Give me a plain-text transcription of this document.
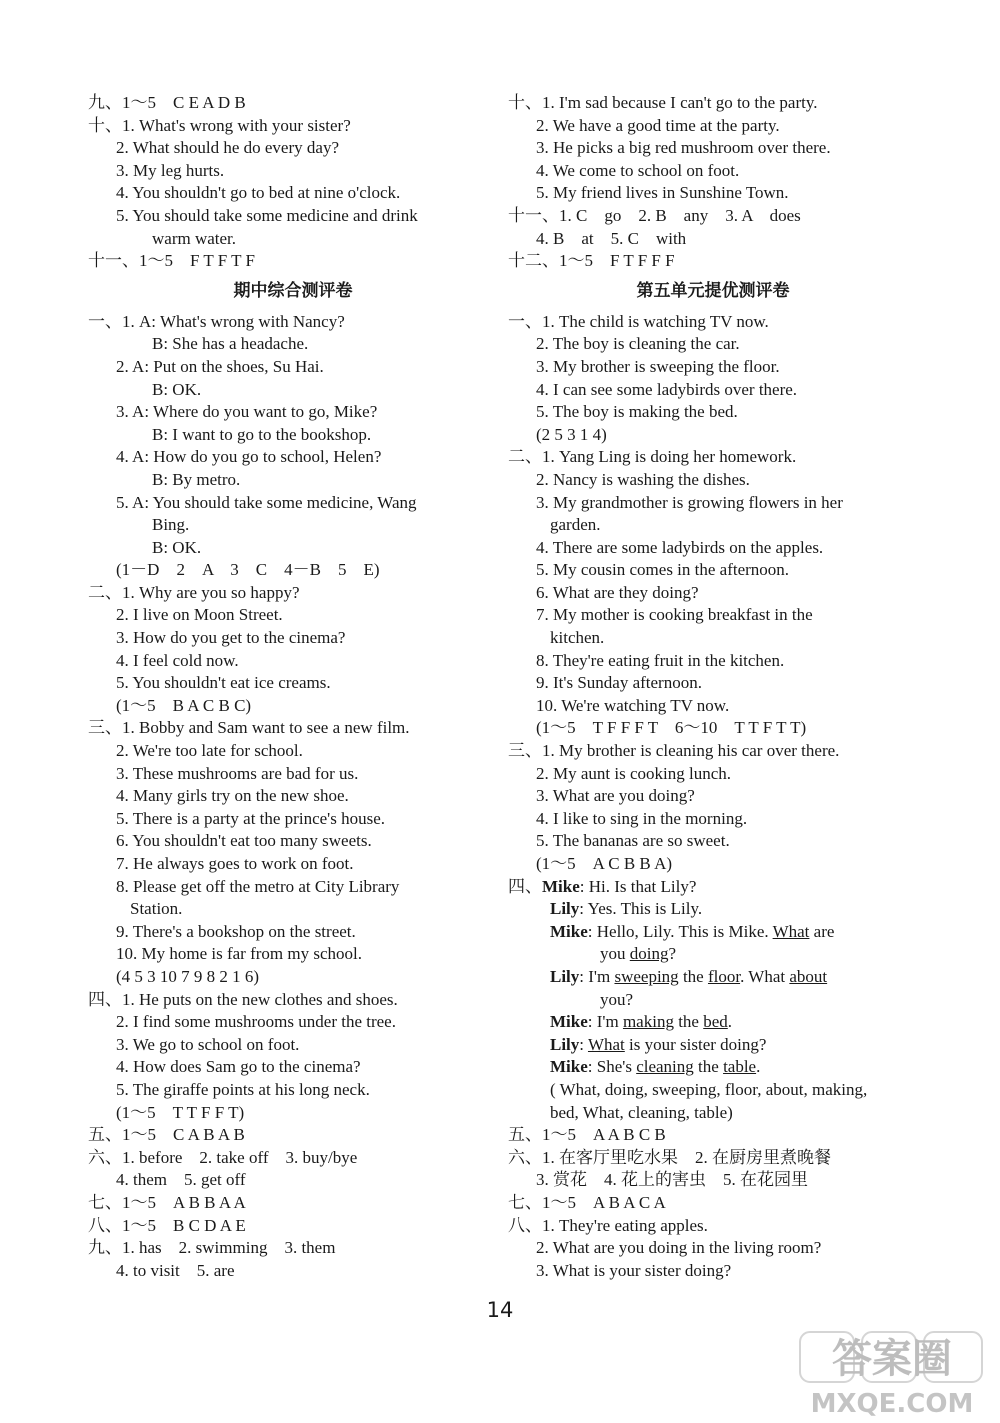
九、1～5　C E A D B
十、1. What's wrong with your sister?
2. What should he do every day?
3. My leg hurts.
4. You shouldn't go to bed at nine o'clock.
5. You should take some medicine and drink
warm water.
十一、1～5　F T F T F
期中综合测评卷
一、1. A: What's wrong with Nancy?
B: She has a headache.
2. A: Put on the shoes, Su Hai.
B: OK.
3. A: Where do you want to go, Mike?
B: I want to go to the bookshop.
4. A: How do you go to school, Helen?
B: By metro.
5. A: You should take some medicine, Wang
Bing.
B: OK.
(1－D　2　A　3　C　4－B　5　E)
二、1. Why are you so happy?
2. I live on Moon Street.
3. How do you get to the cinema?
4. I feel cold now.
5. You shouldn't eat ice creams.
(1～5　B A C B C)
三、1. Bobby and Sam want to see a new film.
2. We're too late for school.
3. These mushrooms are bad for us.
4. Many girls try on the new shoe.
5. There is a party at the prince's house.
6. You shouldn't eat too many sweets.
7. He always goes to work on foot.
8. Please get off the metro at City Library
Station.
9. There's a bookshop on the street.
10. My home is far from my school.
(4 5 3 10 7 9 8 2 1 6)
四、1. He puts on the new clothes and shoes.
2. I find some mushrooms under the tree.
3. We go to school on foot.
4. How does Sam go to the cinema?
5. The giraffe points at his long neck.
(1～5　T T F F T)
五、1～5　C A B A B
六、1. before　2. take off　3. buy/bye
4. them　5. get off
七、1～5　A B B A A
八、1～5　B C D A E
九、1. has　2. swimming　3. them
4. to visit　5. are
十、1. I'm sad because I can't go to the party.
2. We have a good time at the party.
3. He picks a big red mushroom over there.
4. We come to school on foot.
5. My friend lives in Sunshine Town.
十一、1. C　go　2. B　any　3. A　does
4. B　at　5. C　with
十二、1～5　F T F F F
第五单元提优测评卷
一、1. The child is watching TV now.
2. The boy is cleaning the car.
3. My brother is sweeping the floor.
4. I can see some ladybirds over there.
5. The boy is making the bed.
(2 5 3 1 4)
二、1. Yang Ling is doing her homework.
2. Nancy is washing the dishes.
3. My grandmother is growing flowers in her
garden.
4. There are some ladybirds on the apples.
5. My cousin comes in the afternoon.
6. What are they doing?
7. My mother is cooking breakfast in the
kitchen.
8. They're eating fruit in the kitchen.
9. It's Sunday afternoon.
10. We're watching TV now.
(1～5　T F F F T　6～10　T T F T T)
三、1. My brother is cleaning his car over there.
2. My aunt is cooking lunch.
3. What are you doing?
4. I like to sing in the morning.
5. The bananas are so sweet.
(1～5　A C B B A)
四、Mike: Hi. Is that Lily?
Lily: Yes. This is Lily.
Mike: Hello, Lily. This is Mike. What are
you doing?
Lily: I'm sweeping the floor. What about
you?
Mike: I'm making the bed.
Lily: What is your sister doing?
Mike: She's cleaning the table.
( What, doing, sweeping, floor, about, making,
bed, What, cleaning, table)
五、1～5　A A B C B
六、1. 在客厅里吃水果　2. 在厨房里煮晚餐
3. 赏花　4. 花上的害虫　5. 在花园里
七、1～5　A B A C A
八、1. They're eating apples.
2. What are you doing in the living room?
3. What is your sister doing?
14
答案圈
MXQE.COM
